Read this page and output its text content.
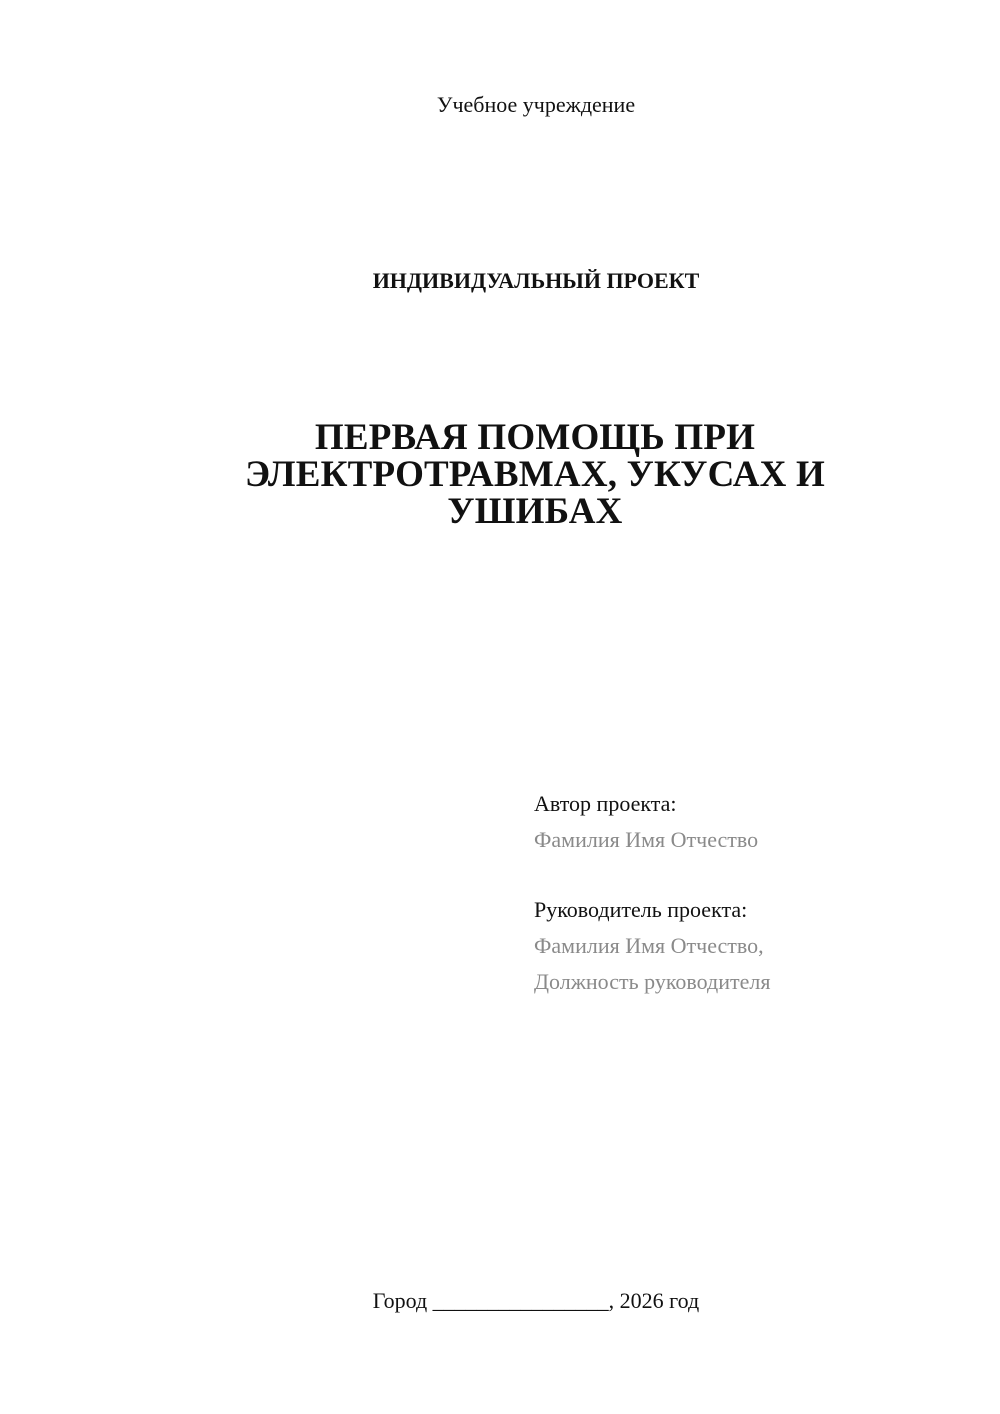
Учебное учреждение
ИНДИВИДУАЛЬНЫЙ ПРОЕКТ
ПЕРВАЯ ПОМОЩЬ ПРИ
ЭЛЕКТРОТРАВМАХ, УКУСАХ И
УШИБАХ
Автор проекта:
Фамилия Имя Отчество
Руководитель проекта:
Фамилия Имя Отчество,
Должность руководителя
Город ________________, 2026 год
